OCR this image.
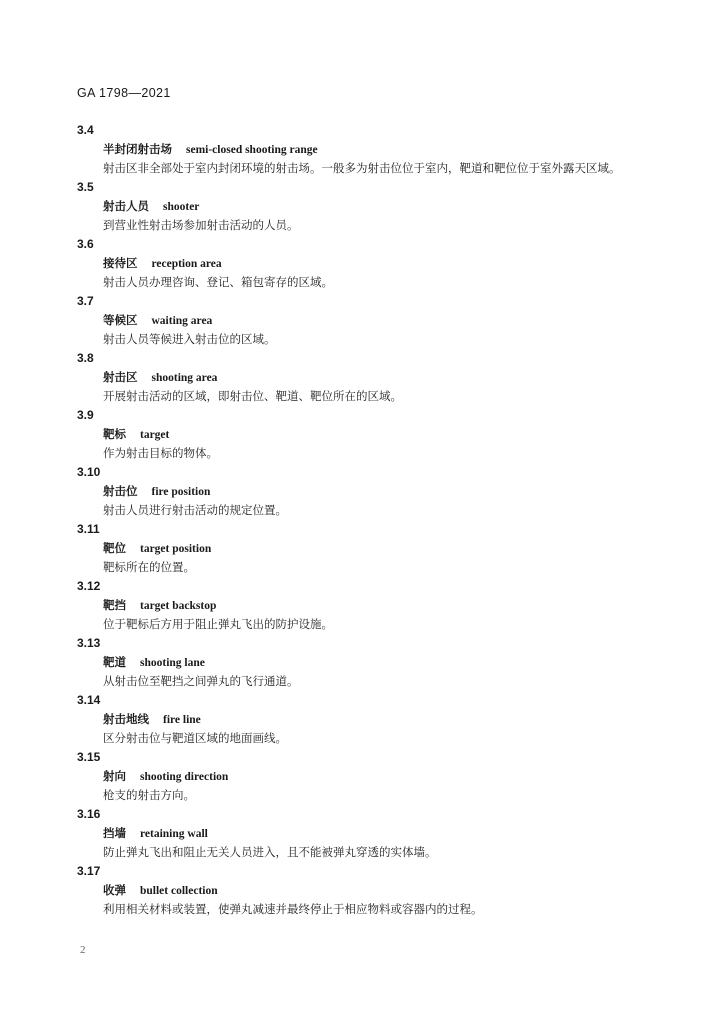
GA 1798—2021
3.4
半封闭射击场 semi-closed shooting range
射击区非全部处于室内封闭环境的射击场。一般多为射击位位于室内，靶道和靶位位于室外露天区域。
3.5
射击人员 shooter
到营业性射击场参加射击活动的人员。
3.6
接待区 reception area
射击人员办理咨询、登记、箱包寄存的区域。
3.7
等候区 waiting area
射击人员等候进入射击位的区域。
3.8
射击区 shooting area
开展射击活动的区域，即射击位、靶道、靶位所在的区域。
3.9
靶标 target
作为射击目标的物体。
3.10
射击位 fire position
射击人员进行射击活动的规定位置。
3.11
靶位 target position
靶标所在的位置。
3.12
靶挡 target backstop
位于靶标后方用于阻止弹丸飞出的防护设施。
3.13
靶道 shooting lane
从射击位至靶挡之间弹丸的飞行通道。
3.14
射击地线 fire line
区分射击位与靶道区域的地面画线。
3.15
射向 shooting direction
枪支的射击方向。
3.16
挡墙 retaining wall
防止弹丸飞出和阻止无关人员进入，且不能被弹丸穿透的实体墙。
3.17
收弹 bullet collection
利用相关材料或装置，使弹丸减速并最终停止于相应物料或容器内的过程。
2
